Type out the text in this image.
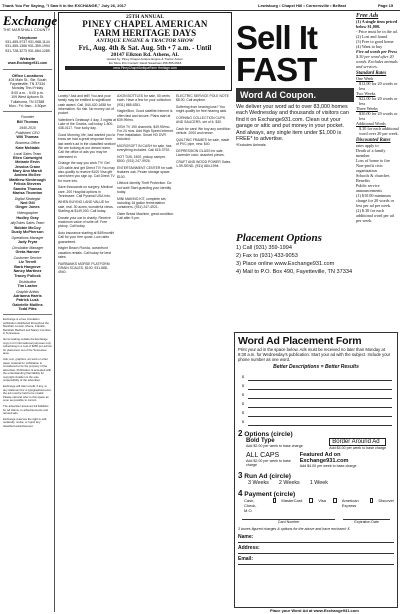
Thank You For Saying, "I Saw it in the EXCHANGE," July 26, 2017	Lewisburg • Chapel Hill • Cornersville • Belfast	Page 15
Exchange
THE MARSHALL COUNTY
Telephone
931-455-9737 931-968-1144
931-455-1366 931-359-1994
931-728-3273 931-684-1285
Website
www.Exchange931.com
Office Locations
404 Main St., Ste. South
Fayetteville, TN 37334
Monday Thru Friday
8:00 a.m. - 5:00 p.m.
109 West Uptown St.
Tullahoma, TN 37388
Mon - Fri: 9am - 4:30pm
Founder
Bill Thomas
1940-2010
Publisher/ CEO
Will Thomas
Business Office
Kate McNabb
Local Sales Team
Ellen Cartwright
Melanie Ervin
Jessica Crane
Mary Ann Marsh
Andrea McGee
Matthew Kimbrough
Felicia Stevens
Sandra Thomas
Marisa Thornton
Digital Strategist
Ned Gill
Ginger Jones
Videographer
Hudley Gray
allyTokes Sales Team
Bobbie McCoy
Dusty McPherson
Operations Manager
Judy Fryar
Circulation Manager
Greta Hanner
Customer Service
Liz Terrell
Barb Hargrove
Nancy Martinez
Tracey Pollock
Distribution
Tim Lasher
Graphic Artists
Adrianna Harris
Patrick Lusk
Gabrielle Mullins
Todd Pitts

Exchange is a free circulation publication distributed throughout the Marshall, Lincoln, Moore, Franklin, Marshall, Bedford and Maury Counties in Tennessee.

Items reading outside the Exchange copy is for informational purposes only. Advertising is a cost of $250 per ad line for placement out of the Tennessee area.

Ads, text, graphics, art work or other paper material for publication is considered to be the property of the advertiser. Publication is accepted with the understanding that liability for copyright violation is the sole responsibility of the advertiser.

Exchange will claim credit, if any, to any statement for a typographical error, the ad must be held to be invalid. Please call and refer to this space as soon as possible to correct.

The advertiser assumes full liabilities for ad claims, to advertisements and refused ads.

Exchange reserves the right to edit, reclassify, revise, or reject any classified advertisement.

25TH ANNUAL
PINEY CHAPEL AMERICAN
FARM HERITAGE DAYS
ANTIQUE ENGINE & TRACTOR SHOW
Fri., Aug. 4th & Sat. Aug. 5th • 7 a.m. - Until
20147 Elkton Rd. Athens, AL
Hosted by: Piney Chapel Antique Engine & Tractor Assoc.
For More Info Contact: David Steadman 256-565-0918
www.PineyChapelAntiqueFarm Heritage.com

Lonely? Ask and tell!! You and your family may be entitled to significant cash award. Call, 844-420-1658 for information. No risk. No money out of pocket.

Valentine's Getaway! 4 day, 3 nights at Lake of the Ozarks, call today 1-800-438-0117. Your lucky day.

Good Morning, life, bad wanted you to know we had a great response from last week's ad in the classified section! We are looking at our dream home. Call the office of ads you may be interested in.

Change the way you work TV! Get 120 cable and get Direct TV! You may also qualify to receive $100 Visa gift card when you sign up. Call Direct TV for more info.

Save thousands on surgery. Medical care. 200 Hospital options in Tennessee. Call Pyramid USA Info.

WHEN BUYING LAND VALUE for sale, real. 30 acres, wonderful views. Starting at $149,000. Call today.

Donate your car to charity. Receive maximum value of write off. Free pickup. Call today.

Auto insurance starting at $49/month! Call for your free quote. Low rates guaranteed.

Hagler Beach Florida, oceanfront vacation rentals. Call today for best rates.

FAIRBANKS MORSE PLATFORM GRAIN SCALES, $100. 931-688-4940.

AXON BOTTLES for sale, 50 cents each. Have a few for your collection. (931) 868-6351.

Hagler/Bon, Good satellite Internet is often fast and secure. Plans start at $39.99/mo.

DISH TV 190 channels, $49.99/mo. For 24 mos. Add High Speed Internet. Free Installation. Smart HD DVR included.

MICROSOFT IN CASH for sale, has everything included. Call 615-3792.

HOT TUB, 1500, pickup camper, $500. (931) 247-9926.

ENTERTAINMENT CENTER for sale, features oak. Pecan storage space. $100.

Lifelock Identity Theft Protection. Do not wait! Start guarding your identity today.

MINI MAKING KIT, complete set, including 16 gallon fermentation containers. (931) 247-4921.

Oster Bread Machine, great condition. Call after 5 pm.

ELECTRIC SERVICE POLE NOTE $8.00. Call anytime.

Suffering from hearing loss? You might qualify for free hearing aids.

CORNING COLLECTION CUPS AND SAUCERS, set of 6. $30.

Cash for cars! We buy any condition vehicle. 2000 and newer.

QUILTING FRAMES for sale, made of PVC pipe, new. $40.

DEPRESSION GLASS for sale, Lavender color, assorted pieces.

CRAFT AND WOOD POWER Sales, 1-59-SEND. (931) 684-1994.

Sell It
FAST
Word Ad Coupon.
Free Ads
(1) A single item priced below $1,000.
- Price must be in the ad.
(2) Lost and found
(3) Free to good home
(4) Want to buy
Five ad words per Press
$.30 per word after 20 words. Excludes animals and services.
Standard Rates
One Week
$12.00 for 20 words or less
Two Weeks
$22.00 for 20 words or less
Three Weeks
$30.00 for 20 words or less
Additional Words
$.30 for each additional word over 20 per week.
Discounted Rates
rates apply to
Death of a family member
Loss of home to fire
Non-profit civic organization
Schools & churches
Benefits
Public service announcements
(1) $10.00 minimum charge for 20 words or less per ad per week.
(2) $.30 for each additional word per ad per week.
We deliver your word ad to over 83,000 homes each Wednesday and thousands of visitors can find it on Exchange931.com. Clean out your garage or attic and put money in your pocket. And always, any single item under $1,000 is FREE* to advertise.
*Excludes Animals.
Placement Options
1) Call (931) 359-1994
2) Fax to (931) 433-9053
3) Place online www.Exchange931.com
4) Mail to P.O. Box 490, Fayetteville, TN 37334
Word Ad Placement Form
Print your ad in the space below. Ads must be received no later than Monday at 9:30 a.m. for Wednesday's publication. Start your ad with the subject. Include your phone number as one word.
Better Descriptions = Better Results
$
$
$
$
$
$
2 Options (circle)
Bold Type
Add $2.00 per week to base charge
Border Around Ad
Add $4.00 per week to base charge
ALL CAPS
Add $2.00 per week to base charge
Featured Ad on Exchange931.com
Add $4.00 per week to base charge
3 Run Ad (circle)
3 Weeks 2 Weeks 1 Week
4 Payment (circle)
Cash, Check, M.O.
MasterCard	Visa	American Express
Discover
Card Number	Expiration Date
3 boxes figured charges & options for the above and have enclosed: $
Name:
Address:
Email:
Place your Word Ad at www.Exchange931.com
